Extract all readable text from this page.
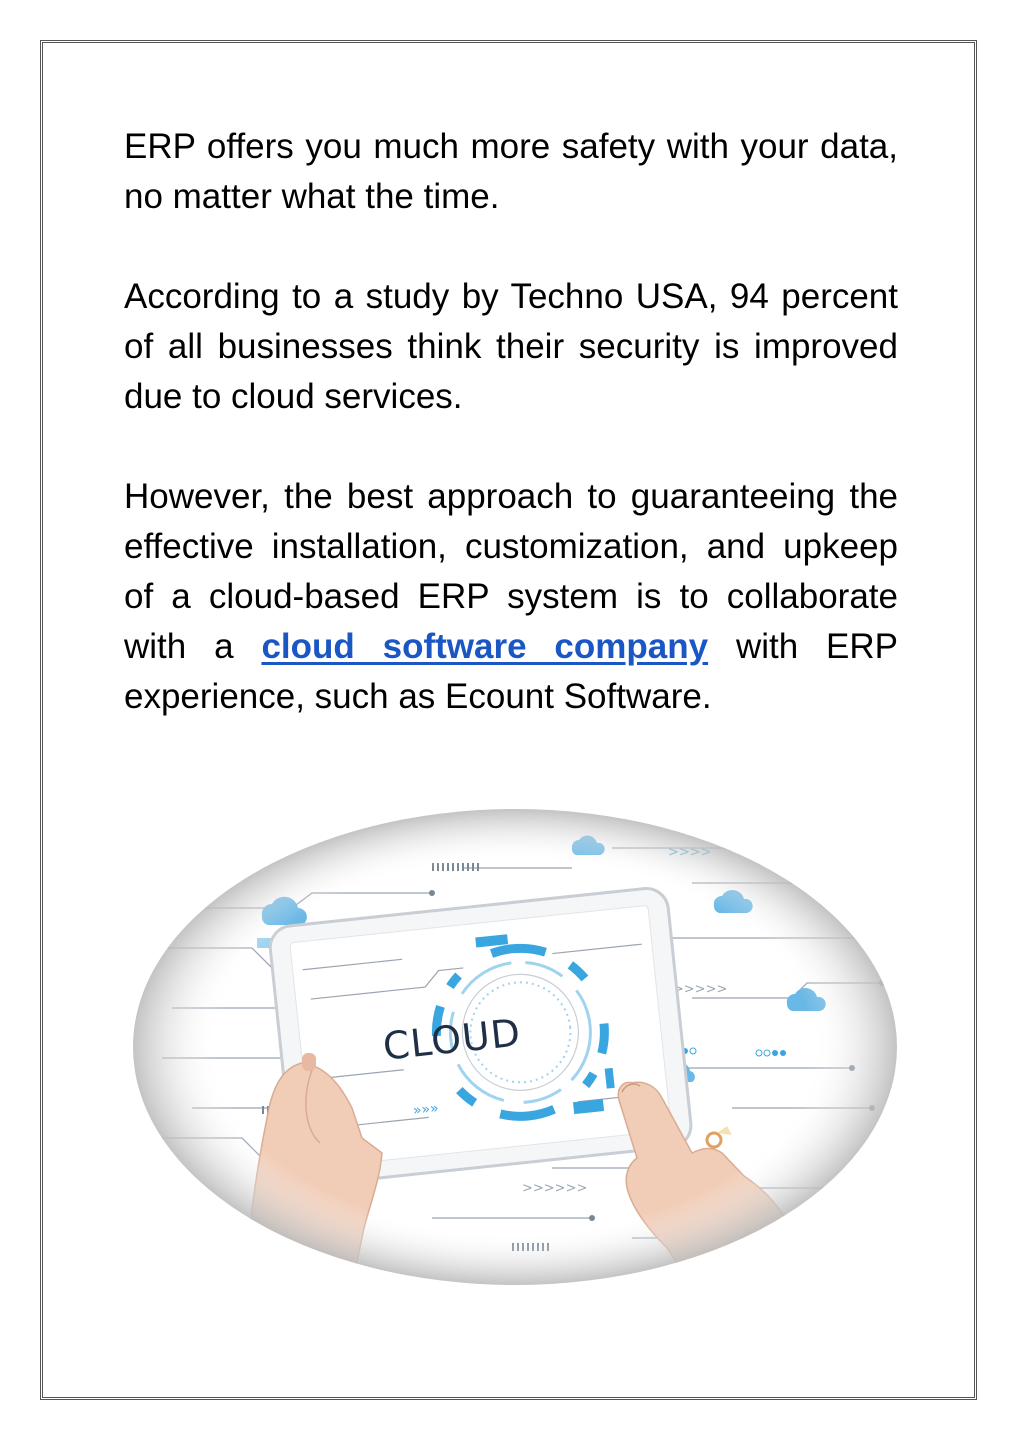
ERP offers you much more safety with your data, no matter what the time.

According to a study by Techno USA, 94 percent of all businesses think their security is improved due to cloud services.

However, the best approach to guaranteeing the effective installation, customization, and upkeep of a cloud-based ERP system is to collaborate with a cloud software company with ERP experience, such as Ecount Software.
